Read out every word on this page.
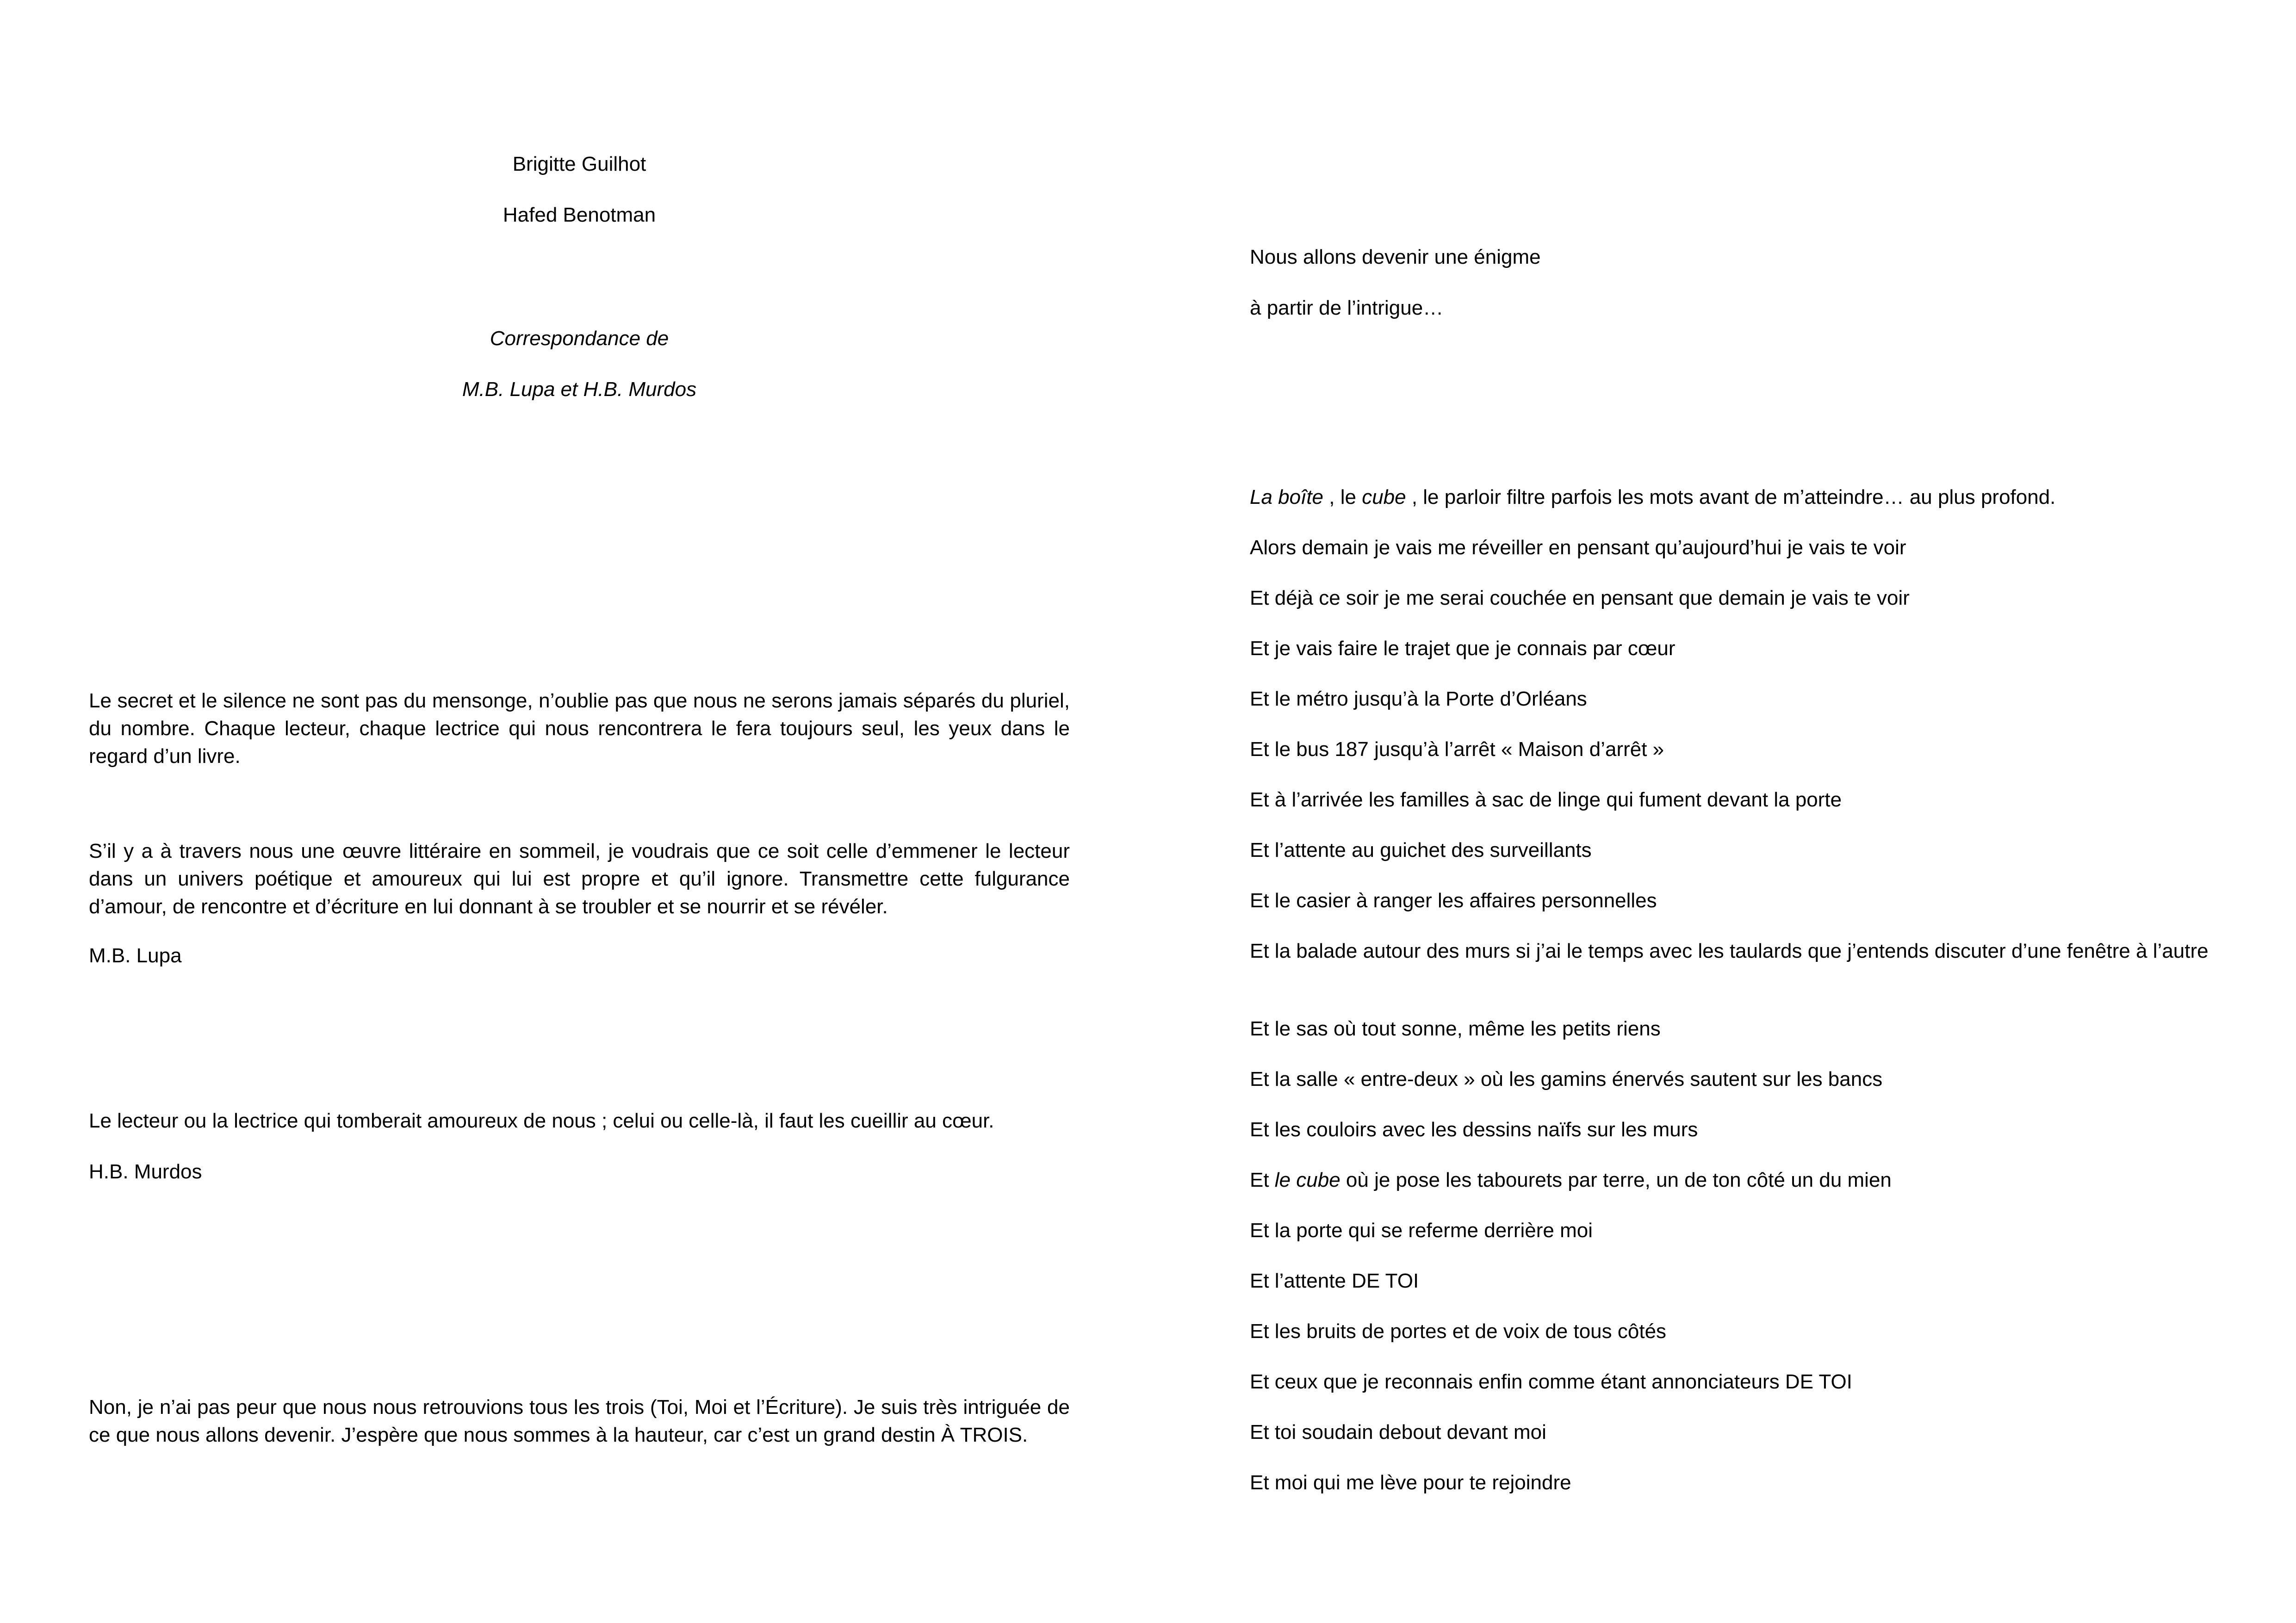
Brigitte Guilhot

Hafed Benotman

Correspondance de

M.B. Lupa et H.B. Murdos

Le secret et le silence ne sont pas du mensonge, n’oublie pas que nous ne serons jamais séparés du pluriel, du nombre. Chaque lecteur, chaque lectrice qui nous rencontrera le fera toujours seul, les yeux dans le regard d’un livre.

S’il y a à travers nous une œuvre littéraire en sommeil, je voudrais que ce soit celle d’emmener le lecteur dans un univers poétique et amoureux qui lui est propre et qu’il ignore. Transmettre cette fulgurance d’amour, de rencontre et d’écriture en lui donnant à se troubler et se nourrir et se révéler.

M.B. Lupa

Le lecteur ou la lectrice qui tomberait amoureux de nous ; celui ou celle-là, il faut les cueillir au cœur.

H.B. Murdos

Non, je n’ai pas peur que nous nous retrouvions tous les trois (Toi, Moi et l’Écriture). Je suis très intriguée de ce que nous allons devenir. J’espère que nous sommes à la hauteur, car c’est un grand destin À TROIS.

Nous allons devenir une énigme

à partir de l’intrigue…

La boîte , le cube , le parloir filtre parfois les mots avant de m’atteindre… au plus profond.

Alors demain je vais me réveiller en pensant qu’aujourd’hui je vais te voir

Et déjà ce soir je me serai couchée en pensant que demain je vais te voir

Et je vais faire le trajet que je connais par cœur

Et le métro jusqu’à la Porte d’Orléans

Et le bus 187 jusqu’à l’arrêt « Maison d’arrêt »

Et à l’arrivée les familles à sac de linge qui fument devant la porte

Et l’attente au guichet des surveillants

Et le casier à ranger les affaires personnelles

Et la balade autour des murs si j’ai le temps avec les taulards que j’entends discuter d’une fenêtre à l’autre

Et le sas où tout sonne, même les petits riens

Et la salle « entre-deux » où les gamins énervés sautent sur les bancs

Et les couloirs avec les dessins naïfs sur les murs

Et le cube où je pose les tabourets par terre, un de ton côté un du mien

Et la porte qui se referme derrière moi

Et l’attente DE TOI

Et les bruits de portes et de voix de tous côtés

Et ceux que je reconnais enfin comme étant annonciateurs DE TOI

Et toi soudain debout devant moi

Et moi qui me lève pour te rejoindre
